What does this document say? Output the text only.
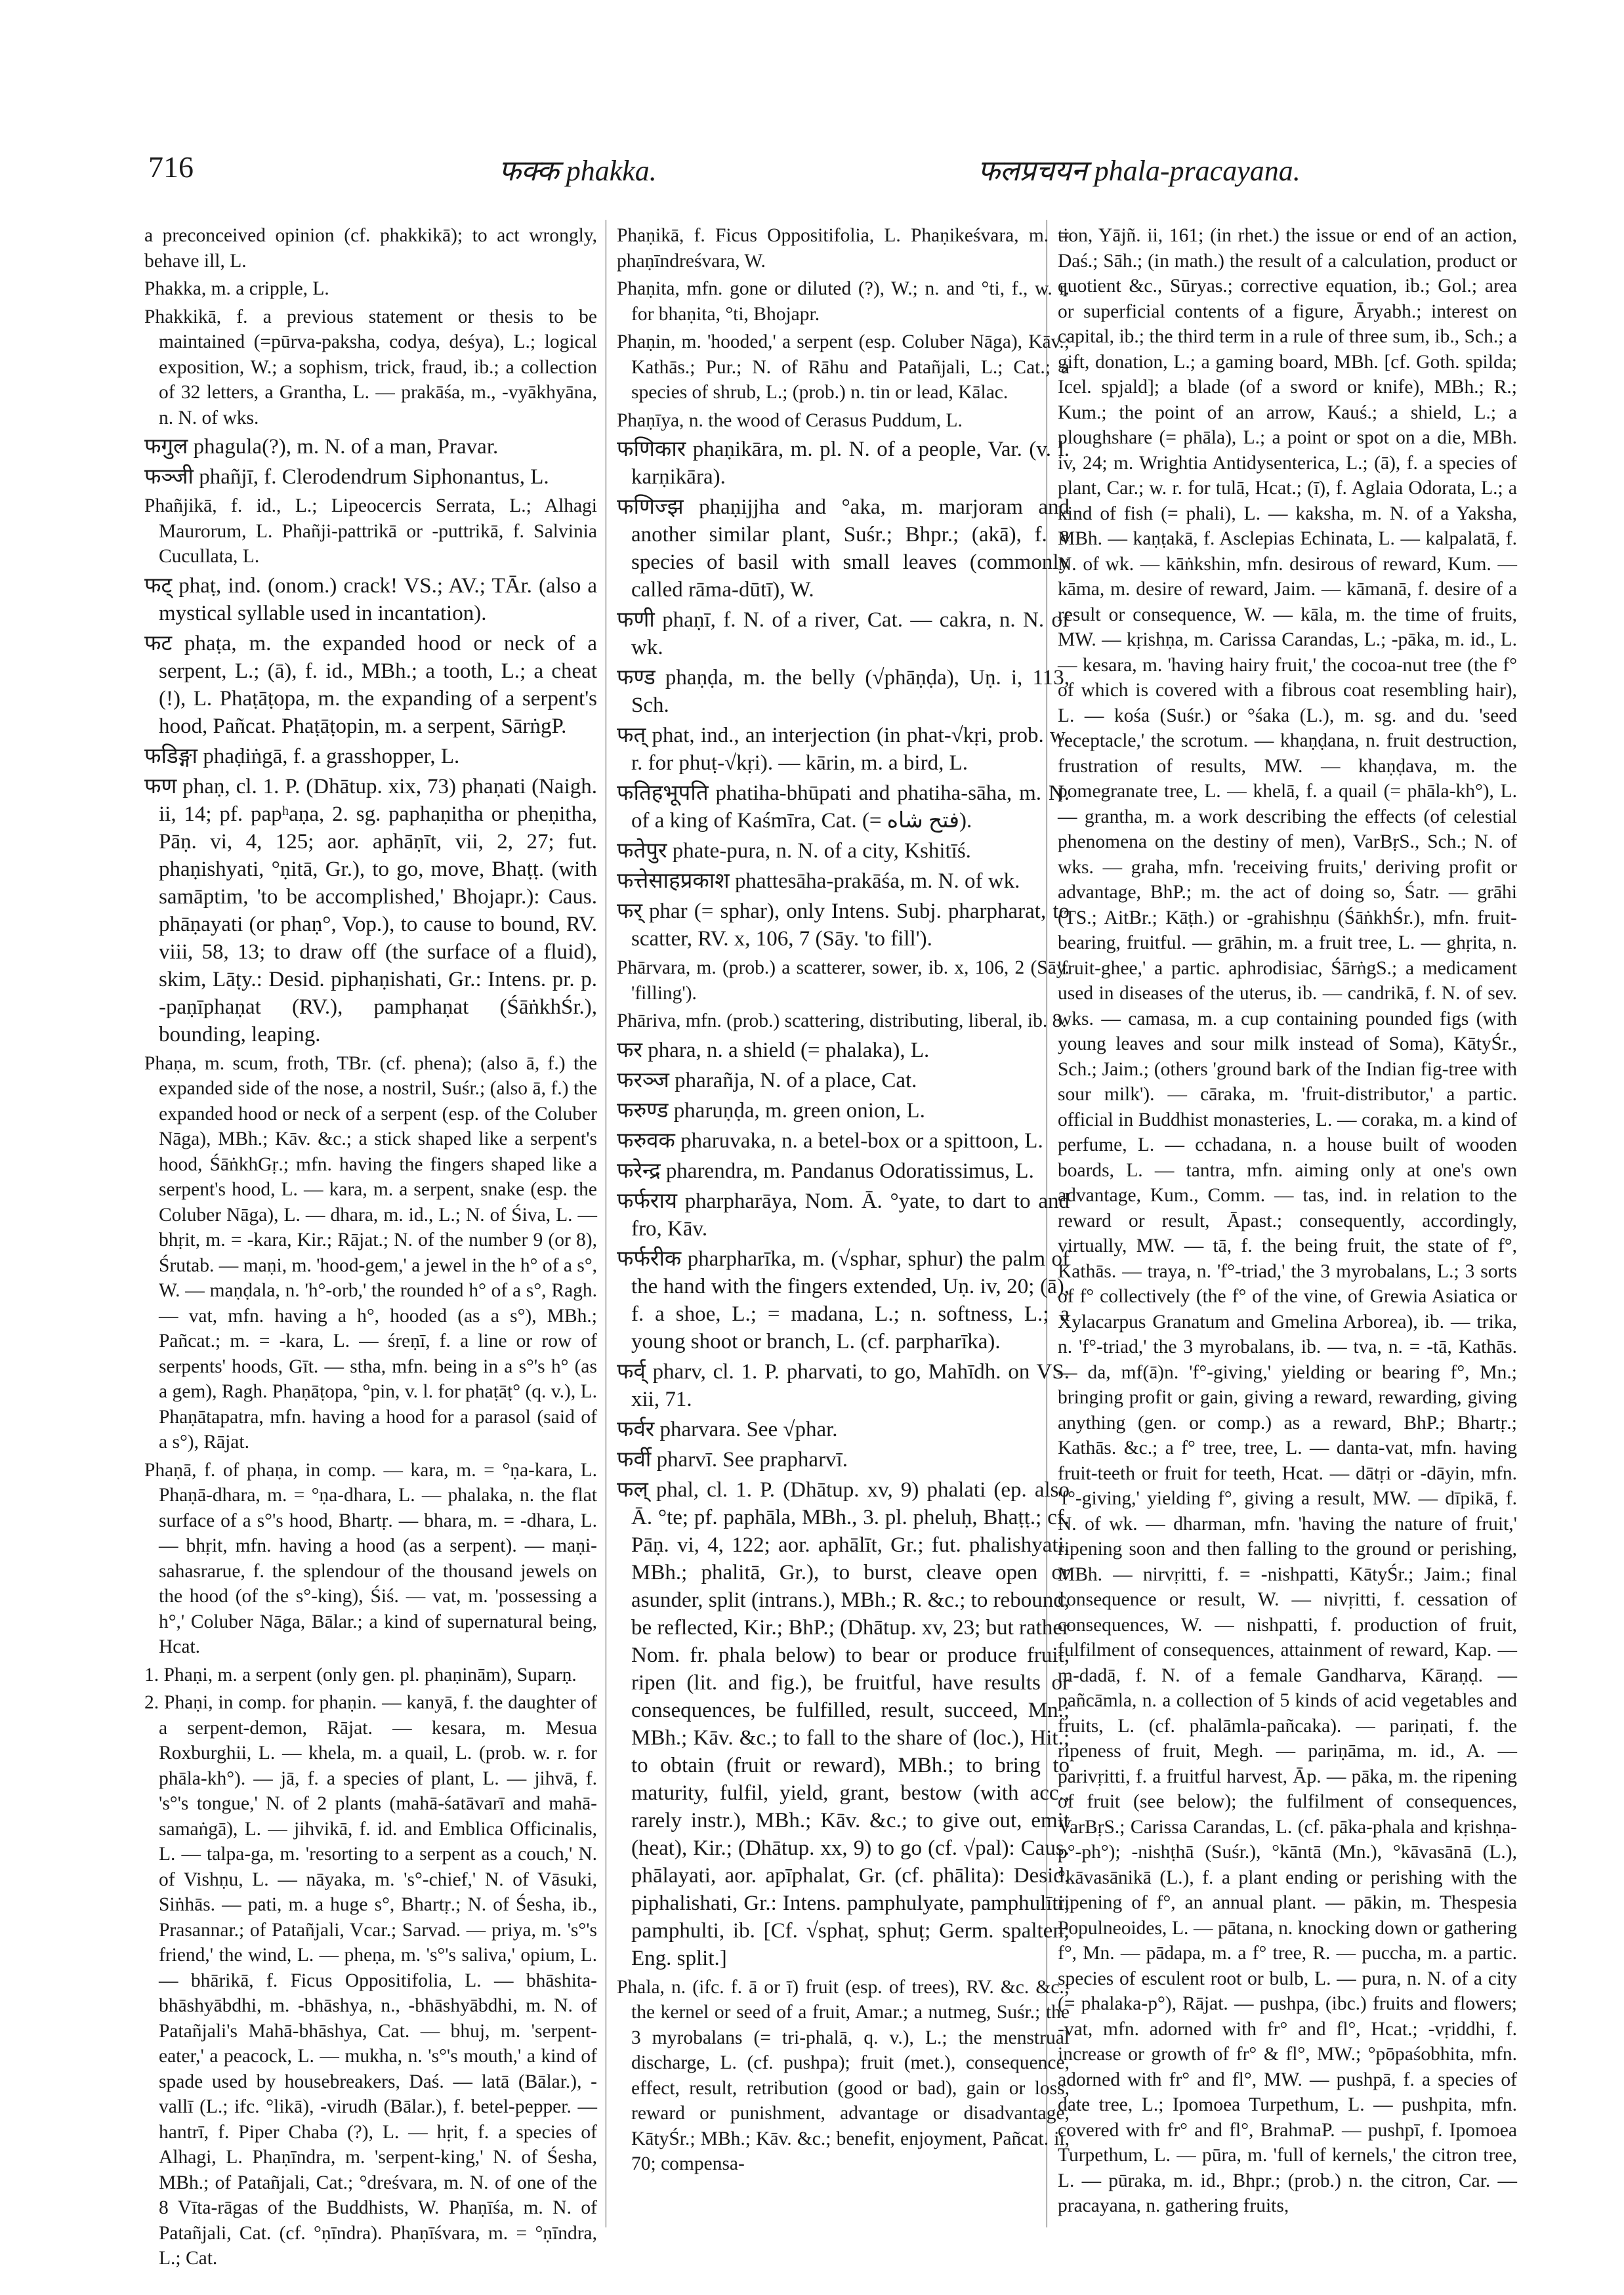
716	फक्क phakka.	फलप्रचयन phala-pracayana.

a preconceived opinion (cf. phakkikā); to act wrongly, behave ill, L.

Phakka, m. a cripple, L.

Phakkikā, f. a previous statement or thesis to be maintained (=pūrva-paksha, codya, deśya), L.; logical exposition, W.; a sophism, trick, fraud, ib.; a collection of 32 letters, a Grantha, L. — prakāśa, m., -vyākhyāna, n. N. of wks.

फगुल phagula(?), m. N. of a man, Pravar.

फञ्जी phañjī, f. Clerodendrum Siphonantus, L.

Phañjikā, f. id., L.; Lipeocercis Serrata, L.; Alhagi Maurorum, L. Phañji-pattrikā or -puttrikā, f. Salvinia Cucullata, L.

फट् phaṭ, ind. (onom.) crack! VS.; AV.; TĀr. (also a mystical syllable used in incantation).

फट phaṭa, m. the expanded hood or neck of a serpent, L.; (ā), f. id., MBh.; a tooth, L.; a cheat (!), L. Phaṭāṭopa, m. the expanding of a serpent's hood, Pañcat. Phaṭāṭopin, m. a serpent, SārṅgP.

फडिङ्गा phaḍiṅgā, f. a grasshopper, L.

फण phaṇ, cl. 1. P. (Dhātup. xix, 73) phaṇati (Naigh. ii, 14; pf. papʰaṇa, 2. sg. paphaṇitha or pheṇitha, Pāṇ. vi, 4, 125; aor. aphāṇīt, vii, 2, 27; fut. phaṇishyati, °ṇitā, Gr.), to go, move, Bhaṭṭ. (with samāptim, 'to be accomplished,' Bhojapr.): Caus. phāṇayati (or phaṇ°, Vop.), to cause to bound, RV. viii, 58, 13; to draw off (the surface of a fluid), skim, Lāṭy.: Desid. piphaṇishati, Gr.: Intens. pr. p. -paṇīphaṇat (RV.), pamphaṇat (ŚāṅkhŚr.), bounding, leaping.

Phaṇa, m. scum, froth, TBr. (cf. phena); (also ā, f.) the expanded side of the nose, a nostril, Suśr.; (also ā, f.) the expanded hood or neck of a serpent (esp. of the Coluber Nāga), MBh.; Kāv. &c.; a stick shaped like a serpent's hood, ŚāṅkhGṛ.; mfn. having the fingers shaped like a serpent's hood, L. — kara, m. a serpent, snake (esp. the Coluber Nāga), L. — dhara, m. id., L.; N. of Śiva, L. — bhṛit, m. = -kara, Kir.; Rājat.; N. of the number 9 (or 8), Śrutab. — maṇi, m. 'hood-gem,' a jewel in the h° of a s°, W. — maṇḍala, n. 'h°-orb,' the rounded h° of a s°, Ragh. — vat, mfn. having a h°, hooded (as a s°), MBh.; Pañcat.; m. = -kara, L. — śreṇī, f. a line or row of serpents' hoods, Gīt. — stha, mfn. being in a s°'s h° (as a gem), Ragh. Phaṇāṭopa, °pin, v. l. for phaṭāṭ° (q. v.), L. Phaṇātapatra, mfn. having a hood for a parasol (said of a s°), Rājat.

Phaṇā, f. of phaṇa, in comp. — kara, m. = °ṇa-kara, L. Phaṇā-dhara, m. = °ṇa-dhara, L. — phalaka, n. the flat surface of a s°'s hood, Bhartṛ. — bhara, m. = -dhara, L. — bhṛit, mfn. having a hood (as a serpent). — maṇi-sahasrarue, f. the splendour of the thousand jewels on the hood (of the s°-king), Śiś. — vat, m. 'possessing a h°,' Coluber Nāga, Bālar.; a kind of supernatural being, Hcat.

1. Phaṇi, m. a serpent (only gen. pl. phaṇinām), Suparṇ.

2. Phaṇi, in comp. for phaṇin. — kanyā, f. the daughter of a serpent-demon, Rājat. — kesara, m. Mesua Roxburghii, L. — khela, m. a quail, L. (prob. w. r. for phāla-kh°). — jā, f. a species of plant, L. — jihvā, f. 's°'s tongue,' N. of 2 plants (mahā-śatāvarī and mahā-samaṅgā), L. — jihvikā, f. id. and Emblica Officinalis, L. — talpa-ga, m. 'resorting to a serpent as a couch,' N. of Vishṇu, L. — nāyaka, m. 's°-chief,' N. of Vāsuki, Siṅhās. — pati, m. a huge s°, Bhartṛ.; N. of Śesha, ib., Prasannar.; of Patañjali, Vcar.; Sarvad. — priya, m. 's°'s friend,' the wind, L. — pheṇa, m. 's°'s saliva,' opium, L. — bhārikā, f. Ficus Oppositifolia, L. — bhāshita-bhāshyābdhi, m. -bhāshya, n., -bhāshyābdhi, m. N. of Patañjali's Mahā-bhāshya, Cat. — bhuj, m. 'serpent-eater,' a peacock, L. — mukha, n. 's°'s mouth,' a kind of spade used by housebreakers, Daś. — latā (Bālar.), -vallī (L.; ifc. °likā), -virudh (Bālar.), f. betel-pepper. — hantrī, f. Piper Chaba (?), L. — hṛit, f. a species of Alhagi, L. Phaṇīndra, m. 'serpent-king,' N. of Śesha, MBh.; of Patañjali, Cat.; °dreśvara, m. N. of one of the 8 Vīta-rāgas of the Buddhists, W. Phaṇīśa, m. N. of Patañjali, Cat. (cf. °ṇīndra). Phaṇīśvara, m. = °ṇīndra, L.; Cat.

Phaṇikā, f. Ficus Oppositifolia, L. Phaṇikeśvara, m. = phaṇīndreśvara, W.

Phaṇita, mfn. gone or diluted (?), W.; n. and °ti, f., w. r. for bhaṇita, °ti, Bhojapr.

Phaṇin, m. 'hooded,' a serpent (esp. Coluber Nāga), Kāv.; Kathās.; Pur.; N. of Rāhu and Patañjali, L.; Cat.; a species of shrub, L.; (prob.) n. tin or lead, Kālac.

Phaṇīya, n. the wood of Cerasus Puddum, L.

फणिकार phaṇikāra, m. pl. N. of a people, Var. (v. l. karṇikāra).

फणिज्झ phaṇijjha and °aka, m. marjoram and another similar plant, Suśr.; Bhpr.; (akā), f. a species of basil with small leaves (commonly called rāma-dūtī), W.

फणी phaṇī, f. N. of a river, Cat. — cakra, n. N. of wk.

फण्ड phaṇḍa, m. the belly (√phāṇḍa), Uṇ. i, 113, Sch.

फत् phat, ind., an interjection (in phat-√kṛi, prob. w. r. for phuṭ-√kṛi). — kārin, m. a bird, L.

फतिहभूपति phatiha-bhūpati and phatiha-sāha, m. N. of a king of Kaśmīra, Cat. (= فتح شاه).

फतेपुर phate-pura, n. N. of a city, Kshitīś.

फत्तेसाहप्रकाश phattesāha-prakāśa, m. N. of wk.

फर् phar (= sphar), only Intens. Subj. pharpharat, to scatter, RV. x, 106, 7 (Sāy. 'to fill').

Phārvara, m. (prob.) a scatterer, sower, ib. x, 106, 2 (Sāy. 'filling').

Phāriva, mfn. (prob.) scattering, distributing, liberal, ib. 8.

फर phara, n. a shield (= phalaka), L.

फरञ्ज pharañja, N. of a place, Cat.

फरुण्ड pharuṇḍa, m. green onion, L.

फरुवक pharuvaka, n. a betel-box or a spittoon, L.

फरेन्द्र pharendra, m. Pandanus Odoratissimus, L.

फर्फराय pharpharāya, Nom. Ā. °yate, to dart to and fro, Kāv.

फर्फरीक pharpharīka, m. (√sphar, sphur) the palm of the hand with the fingers extended, Uṇ. iv, 20; (ā), f. a shoe, L.; = madana, L.; n. softness, L.; a young shoot or branch, L. (cf. parpharīka).

फर्व् pharv, cl. 1. P. pharvati, to go, Mahīdh. on VS. xii, 71.

फर्वर pharvara. See √phar.

फर्वी pharvī. See prapharvī.

फल् phal, cl. 1. P. (Dhātup. xv, 9) phalati (ep. also Ā. °te; pf. paphāla, MBh., 3. pl. pheluḥ, Bhaṭṭ.; cf. Pāṇ. vi, 4, 122; aor. aphālīt, Gr.; fut. phalishyati, MBh.; phalitā, Gr.), to burst, cleave open or asunder, split (intrans.), MBh.; R. &c.; to rebound, be reflected, Kir.; BhP.; (Dhātup. xv, 23; but rather Nom. fr. phala below) to bear or produce fruit, ripen (lit. and fig.), be fruitful, have results or consequences, be fulfilled, result, succeed, Mn.; MBh.; Kāv. &c.; to fall to the share of (loc.), Hit.; to obtain (fruit or reward), MBh.; to bring to maturity, fulfil, yield, grant, bestow (with acc., rarely instr.), MBh.; Kāv. &c.; to give out, emit (heat), Kir.; (Dhātup. xx, 9) to go (cf. √pal): Caus. phālayati, aor. apīphalat, Gr. (cf. phālita): Desid. piphalishati, Gr.: Intens. pamphulyate, pamphulīti, pamphulti, ib. [Cf. √sphaṭ, sphuṭ; Germ. spalten; Eng. split.]

Phala, n. (ifc. f. ā or ī) fruit (esp. of trees), RV. &c. &c.; the kernel or seed of a fruit, Amar.; a nutmeg, Suśr.; the 3 myrobalans (= tri-phalā, q. v.), L.; the menstrual discharge, L. (cf. pushpa); fruit (met.), consequence, effect, result, retribution (good or bad), gain or loss, reward or punishment, advantage or disadvantage, KātyŚr.; MBh.; Kāv. &c.; benefit, enjoyment, Pañcat. ii, 70; compensa-

tion, Yājñ. ii, 161; (in rhet.) the issue or end of an action, Daś.; Sāh.; (in math.) the result of a calculation, product or quotient &c., Sūryas.; corrective equation, ib.; Gol.; area or superficial contents of a figure, Āryabh.; interest on capital, ib.; the third term in a rule of three sum, ib., Sch.; a gift, donation, L.; a gaming board, MBh. [cf. Goth. spilda; Icel. spjald]; a blade (of a sword or knife), MBh.; R.; Kum.; the point of an arrow, Kauś.; a shield, L.; a ploughshare (= phāla), L.; a point or spot on a die, MBh. iv, 24; m. Wrightia Antidysenterica, L.; (ā), f. a species of plant, Car.; w. r. for tulā, Hcat.; (ī), f. Aglaia Odorata, L.; a kind of fish (= phali), L. — kaksha, m. N. of a Yaksha, MBh. — kaṇṭakā, f. Asclepias Echinata, L. — kalpalatā, f. N. of wk. — kāṅkshin, mfn. desirous of reward, Kum. — kāma, m. desire of reward, Jaim. — kāmanā, f. desire of a result or consequence, W. — kāla, m. the time of fruits, MW. — kṛishṇa, m. Carissa Carandas, L.; -pāka, m. id., L. — kesara, m. 'having hairy fruit,' the cocoa-nut tree (the f° of which is covered with a fibrous coat resembling hair), L. — kośa (Suśr.) or °śaka (L.), m. sg. and du. 'seed receptacle,' the scrotum. — khaṇḍana, n. fruit destruction, frustration of results, MW. — khaṇḍava, m. the pomegranate tree, L. — khelā, f. a quail (= phāla-kh°), L. — grantha, m. a work describing the effects (of celestial phenomena on the destiny of men), VarBṛS., Sch.; N. of wks. — graha, mfn. 'receiving fruits,' deriving profit or advantage, BhP.; m. the act of doing so, Śatr. — grāhi (TS.; AitBr.; Kāṭh.) or -grahishṇu (ŚāṅkhŚr.), mfn. fruit-bearing, fruitful. — grāhin, m. a fruit tree, L. — ghṛita, n. 'fruit-ghee,' a partic. aphrodisiac, ŚārṅgS.; a medicament used in diseases of the uterus, ib. — candrikā, f. N. of sev. wks. — camasa, m. a cup containing pounded figs (with young leaves and sour milk instead of Soma), KātyŚr., Sch.; Jaim.; (others 'ground bark of the Indian fig-tree with sour milk'). — cāraka, m. 'fruit-distributor,' a partic. official in Buddhist monasteries, L. — coraka, m. a kind of perfume, L. — cchadana, n. a house built of wooden boards, L. — tantra, mfn. aiming only at one's own advantage, Kum., Comm. — tas, ind. in relation to the reward or result, Āpast.; consequently, accordingly, virtually, MW. — tā, f. the being fruit, the state of f°, Kathās. — traya, n. 'f°-triad,' the 3 myrobalans, L.; 3 sorts of f° collectively (the f° of the vine, of Grewia Asiatica or Xylacarpus Granatum and Gmelina Arborea), ib. — trika, n. 'f°-triad,' the 3 myrobalans, ib. — tva, n. = -tā, Kathās. — da, mf(ā)n. 'f°-giving,' yielding or bearing f°, Mn.; bringing profit or gain, giving a reward, rewarding, giving anything (gen. or comp.) as a reward, BhP.; Bhartṛ.; Kathās. &c.; a f° tree, tree, L. — danta-vat, mfn. having fruit-teeth or fruit for teeth, Hcat. — dātṛi or -dāyin, mfn. 'f°-giving,' yielding f°, giving a result, MW. — dīpikā, f. N. of wk. — dharman, mfn. 'having the nature of fruit,' ripening soon and then falling to the ground or perishing, MBh. — nirvṛitti, f. = -nishpatti, KātyŚr.; Jaim.; final consequence or result, W. — nivṛitti, f. cessation of consequences, W. — nishpatti, f. production of fruit, fulfilment of consequences, attainment of reward, Kap. — m-dadā, f. N. of a female Gandharva, Kāraṇḍ. — pañcāmla, n. a collection of 5 kinds of acid vegetables and fruits, L. (cf. phalāmla-pañcaka). — pariṇati, f. the ripeness of fruit, Megh. — pariṇāma, m. id., A. — parivṛitti, f. a fruitful harvest, Āp. — pāka, m. the ripening of fruit (see below); the fulfilment of consequences, VarBṛS.; Carissa Carandas, L. (cf. pāka-phala and kṛishṇa-p°-ph°); -nishṭhā (Suśr.), °kāntā (Mn.), °kāvasānā (L.), °kāvasānikā (L.), f. a plant ending or perishing with the ripening of f°, an annual plant. — pākin, m. Thespesia Populneoides, L. — pātana, n. knocking down or gathering f°, Mn. — pādapa, m. a f° tree, R. — puccha, m. a partic. species of esculent root or bulb, L. — pura, n. N. of a city (= phalaka-p°), Rājat. — pushpa, (ibc.) fruits and flowers; -vat, mfn. adorned with fr° and fl°, Hcat.; -vṛiddhi, f. increase or growth of fr° & fl°, MW.; °pōpaśobhita, mfn. adorned with fr° and fl°, MW. — pushpā, f. a species of date tree, L.; Ipomoea Turpethum, L. — pushpita, mfn. covered with fr° and fl°, BrahmaP. — pushpī, f. Ipomoea Turpethum, L. — pūra, m. 'full of kernels,' the citron tree, L. — pūraka, m. id., Bhpr.; (prob.) n. the citron, Car. — pracayana, n. gathering fruits,
